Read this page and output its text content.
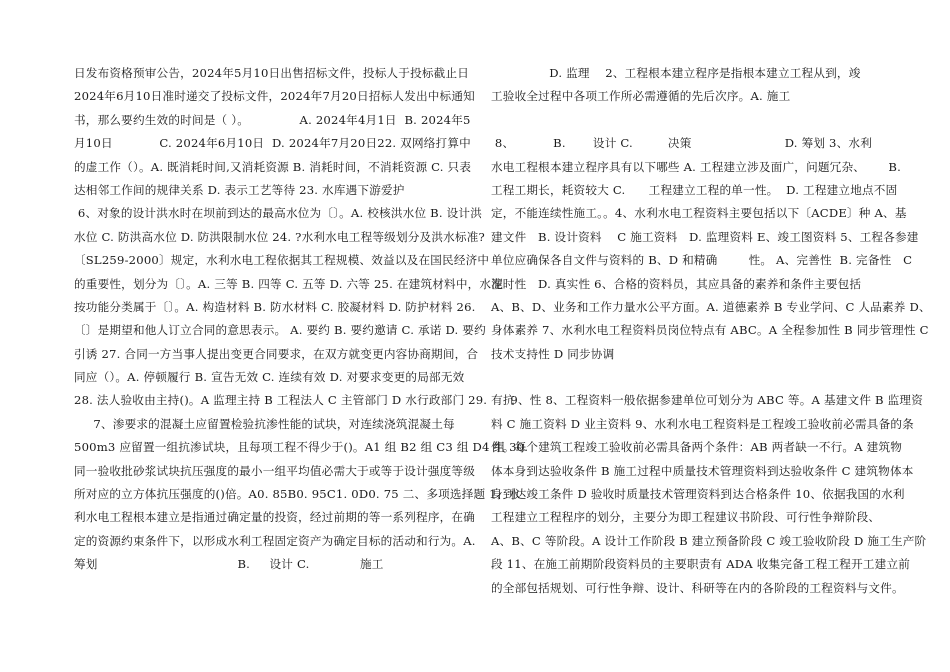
日发布资格预审公告，2024年5月10日出售招标文件，投标人于投标截止日
2024年6月10日准时递交了投标文件，2024年7月20日招标人发出中标通知
书，那么要约生效的时间是（ ）。             A. 2024年4月1日  B. 2024年5
月10日            C. 2024年6月10日  D. 2024年7月20日22. 双网络打算中
的虚工作（）。A. 既消耗时间,又消耗资源 B. 消耗时间，不消耗资源 C. 只表
达相邻工作间的规律关系 D. 表示工艺等待 23. 水库遇下游爱护
6、对象的设计洪水时在坝前到达的最高水位为〔〕。A. 校核洪水位 B. 设计洪
水位 C. 防洪高水位 D. 防洪限制水位 24. ?水利水电工程等级划分及洪水标准?
〔SL259-2000〕规定，水利水电工程依据其工程规模、效益以及在国民经济中
的重要性，划分为〔〕。A. 三等 B. 四等 C. 五等 D. 六等 25. 在建筑材料中，水泥
按功能分类属于〔〕。A. 构造材料 B. 防水材料 C. 胶凝材料 D. 防护材料 26.
〔〕是期望和他人订立合同的意思表示。 A. 要约 B. 要约邀请 C. 承诺 D. 要约
引诱 27. 合同一方当事人提出变更合同要求，在双方就变更内容协商期间，合
同应（）。A. 停顿履行 B. 宣告无效 C. 连续有效 D. 对要求变更的局部无效
28. 法人验收由主持()。A 监理主持 B 工程法人 C 主管部门 D 水行政部门 29. 有抗
7、渗要求的混凝土应留置检验抗渗性能的试块，对连续浇筑混凝土每
500m3 应留置一组抗渗试块，且每项工程不得少于()。A1 组 B2 组 C3 组 D4 组 30.
同一验收批砂浆试块抗压强度的最小一组平均值必需大于或等于设计强度等级
所对应的立方体抗压强度的()倍。A0. 85B0. 95C1. 0D0. 75 二、多项选择题 1、水
利水电工程根本建立是指通过确定量的投资，经过前期的等一系列程序，在确
定的资源约束条件下，以形成水利工程固定资产为确定目标的活动和行为。A.
筹划                                    B.     设计 C.             施工
D. 监理    2、工程根本建立程序是指根本建立工程从到，竣
工验收全过程中各项工作所必需遵循的先后次序。A. 施工
8、          B.       设计 C.         决策                        D. 筹划 3、水利
水电工程根本建立程序具有以下哪些 A. 工程建立涉及面广，问题冗杂、      B.
工程工期长，耗资较大 C.      工程建立工程的单一性。  D. 工程建立地点不固
定，不能连续性施工。。4、水利水电工程资料主要包括以下〔ACDE〕种 A、基
建文件   B. 设计资料    C 施工资料   D. 监理资料 E、竣工图资料 5、工程各参建
单位应确保各自文件与资料的 B、D 和精确        性。 A、完善性  B. 完备性   C
准时性   D. 真实性 6、合格的资料员，其应具备的素养和条件主要包括
A、B、D、业务和工作力量水公平方面。A. 道德素养 B 专业学问、C 人品素养 D、
身体素养 7、水利水电工程资料员岗位特点有 ABC。A 全程参加性 B 同步管理性 C
技术支持性 D 同步协调
9、性 8、工程资料一般依据参建单位可划分为 ABC 等。A 基建文件 B 监理资
料 C 施工资料 D 业主资料 9、水利水电工程资料是工程竣工验收前必需具备的条
件。每个建筑工程竣工验收前必需具备两个条件：AB 两者缺一不行。A 建筑物
体本身到达验收条件 B 施工过程中质量技术管理资料到达验收条件 C 建筑物体本
身到达竣工条件 D 验收时质量技术管理资料到达合格条件 10、依据我国的水利
工程建立工程程序的划分，主要分为即工程建议书阶段、可行性争辩阶段、
A、B、C 等阶段。A 设计工作阶段 B 建立预备阶段 C 竣工验收阶段 D 施工生产阶
段 11、在施工前期阶段资料员的主要职责有 ADA 收集完备工程工程开工建立前
的全部包括规划、可行性争辩、设计、科研等在内的各阶段的工程资料与文件。
